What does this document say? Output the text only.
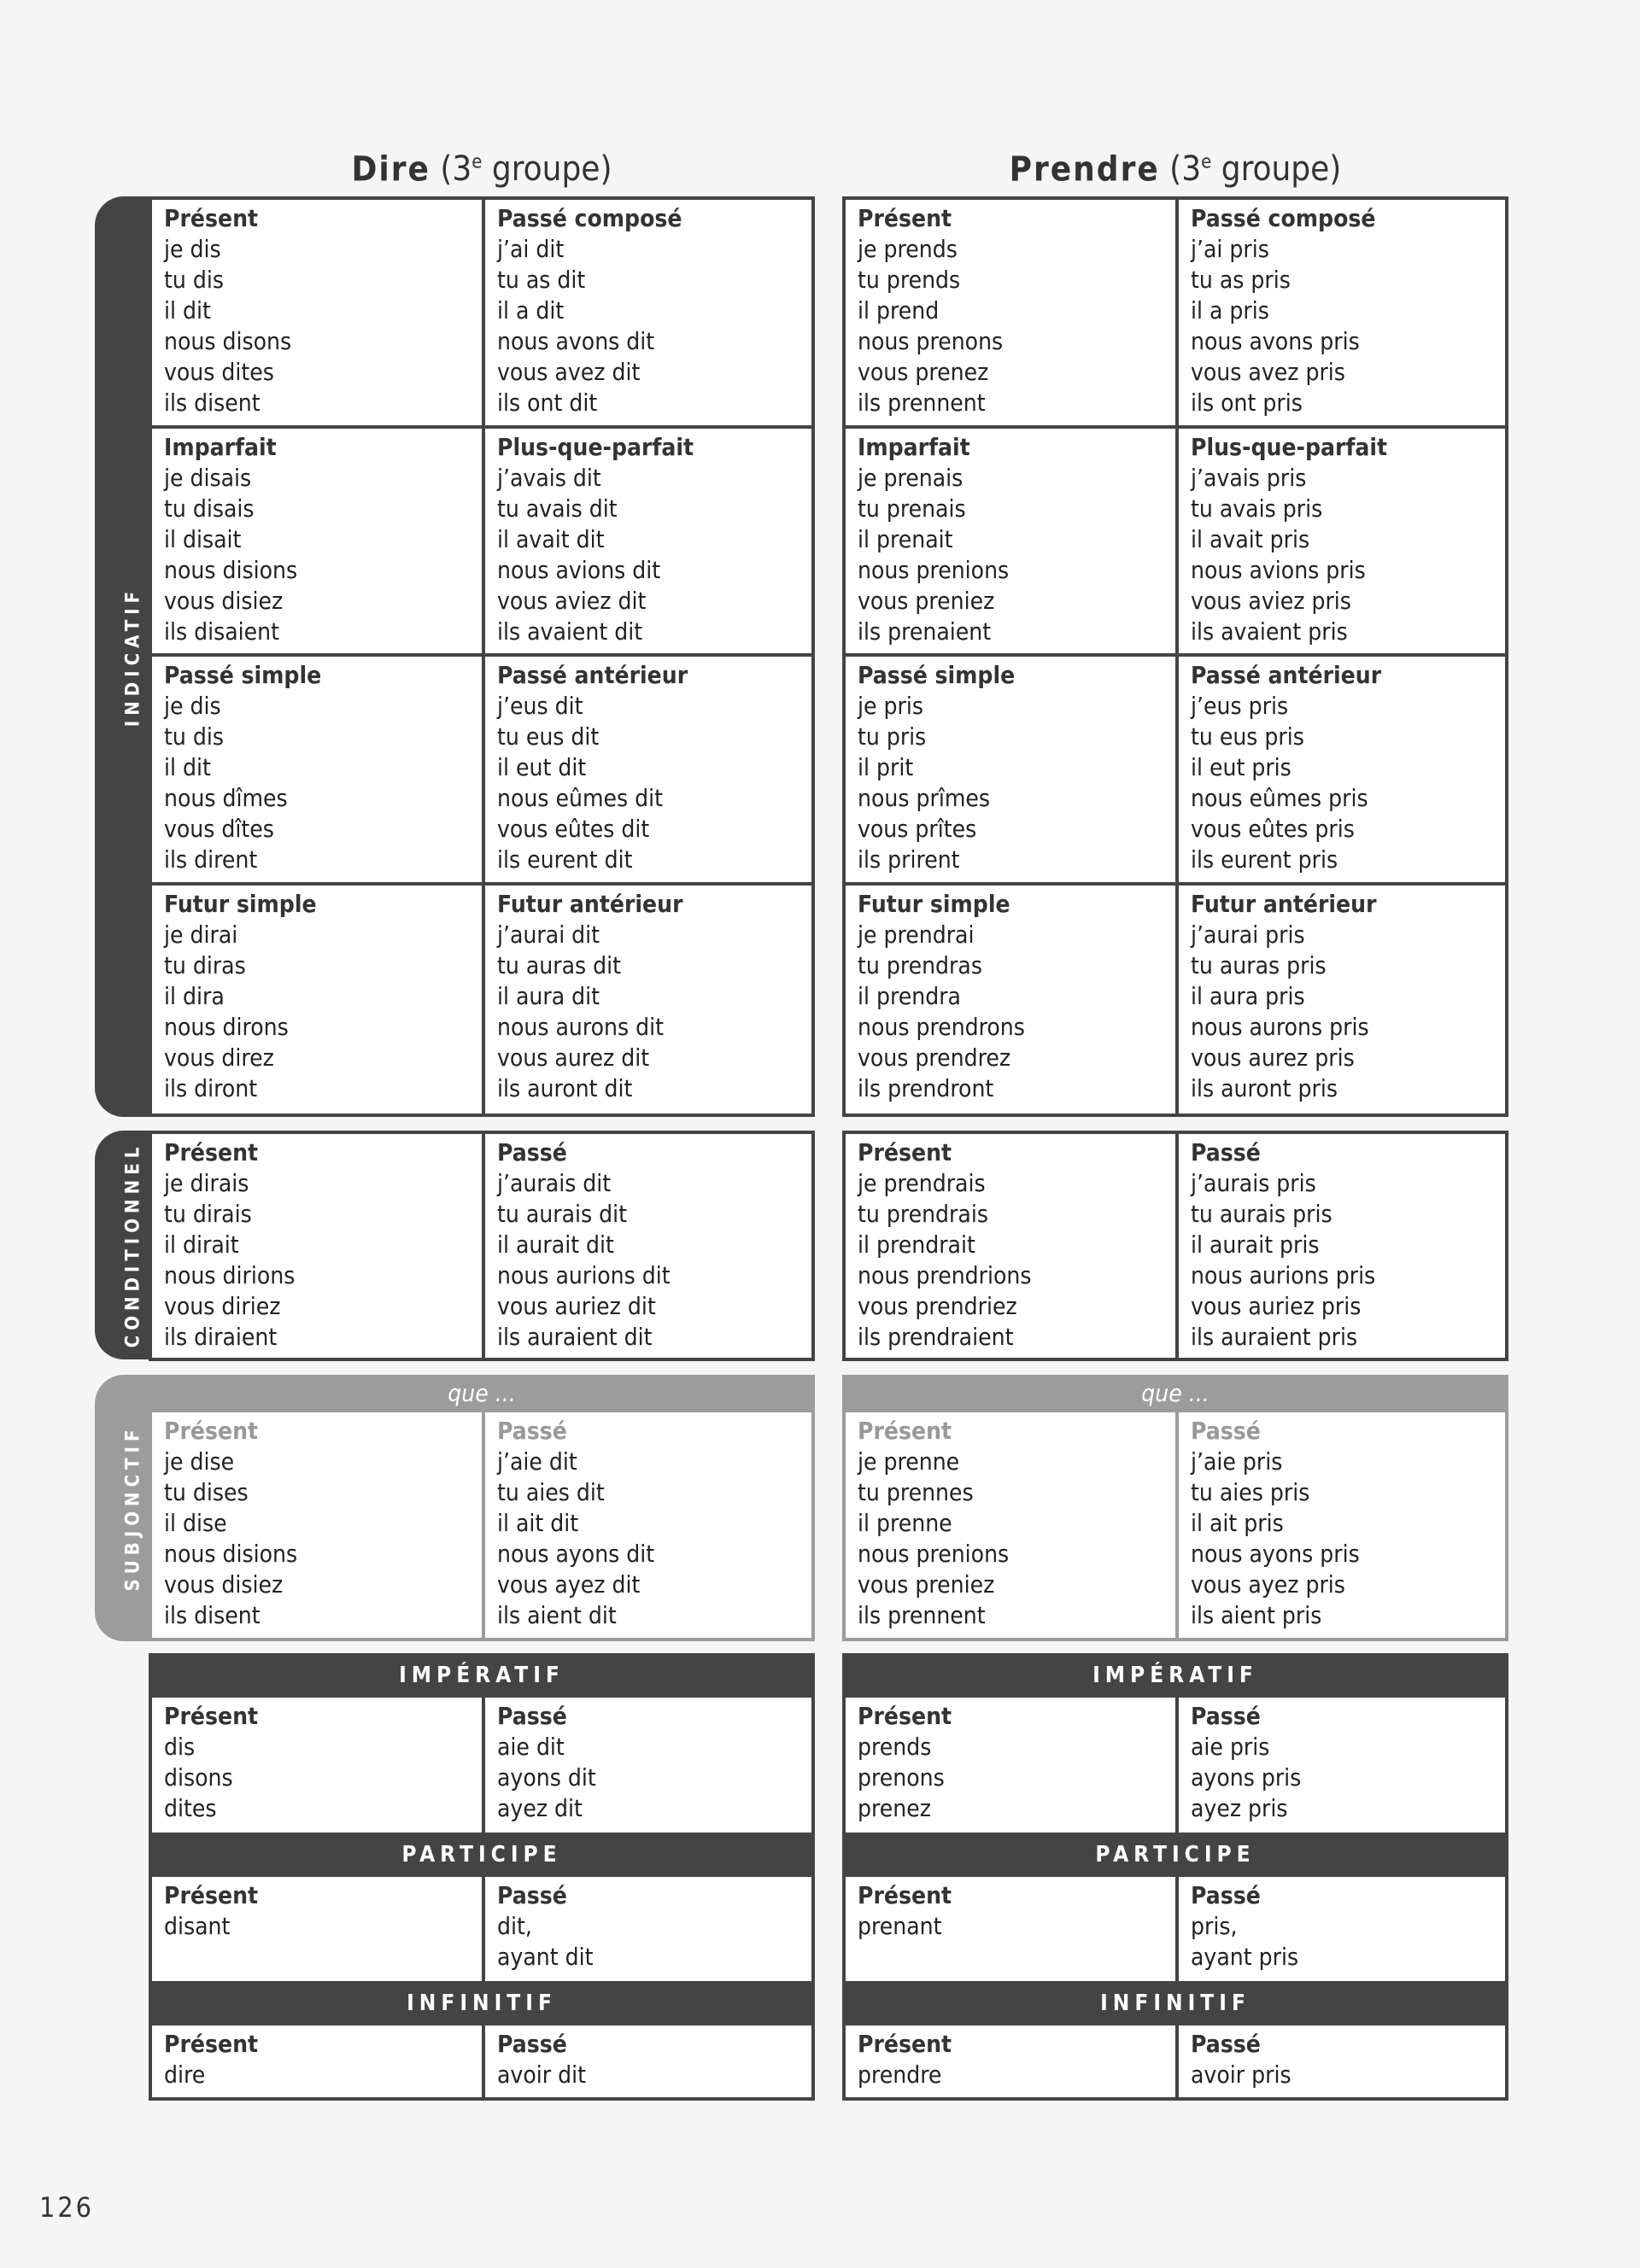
INDICATIF
CONDITIONNEL
SUBJONCTIF
Dire (3e groupe)
Présent
je dis
tu dis
il dit
nous disons
vous dites
ils disent
Passé composé
j’ai dit
tu as dit
il a dit
nous avons dit
vous avez dit
ils ont dit
Imparfait
je disais
tu disais
il disait
nous disions
vous disiez
ils disaient
Plus-que-parfait
j’avais dit
tu avais dit
il avait dit
nous avions dit
vous aviez dit
ils avaient dit
Passé simple
je dis
tu dis
il dit
nous dîmes
vous dîtes
ils dirent
Passé antérieur
j’eus dit
tu eus dit
il eut dit
nous eûmes dit
vous eûtes dit
ils eurent dit
Futur simple
je dirai
tu diras
il dira
nous dirons
vous direz
ils diront
Futur antérieur
j’aurai dit
tu auras dit
il aura dit
nous aurons dit
vous aurez dit
ils auront dit
Présent
je dirais
tu dirais
il dirait
nous dirions
vous diriez
ils diraient
Passé
j’aurais dit
tu aurais dit
il aurait dit
nous aurions dit
vous auriez dit
ils auraient dit
que ...
Présent
je dise
tu dises
il dise
nous disions
vous disiez
ils disent
Passé
j’aie dit
tu aies dit
il ait dit
nous ayons dit
vous ayez dit
ils aient dit
IMPÉRATIF
Présent
dis
disons
dites
Passé
aie dit
ayons dit
ayez dit
PARTICIPE
Présent
disant
Passé
dit,
ayant dit
INFINITIF
Présent
dire
Passé
avoir dit
Prendre (3e groupe)
Présent
je prends
tu prends
il prend
nous prenons
vous prenez
ils prennent
Passé composé
j’ai pris
tu as pris
il a pris
nous avons pris
vous avez pris
ils ont pris
Imparfait
je prenais
tu prenais
il prenait
nous prenions
vous preniez
ils prenaient
Plus-que-parfait
j’avais pris
tu avais pris
il avait pris
nous avions pris
vous aviez pris
ils avaient pris
Passé simple
je pris
tu pris
il prit
nous prîmes
vous prîtes
ils prirent
Passé antérieur
j’eus pris
tu eus pris
il eut pris
nous eûmes pris
vous eûtes pris
ils eurent pris
Futur simple
je prendrai
tu prendras
il prendra
nous prendrons
vous prendrez
ils prendront
Futur antérieur
j’aurai pris
tu auras pris
il aura pris
nous aurons pris
vous aurez pris
ils auront pris
Présent
je prendrais
tu prendrais
il prendrait
nous prendrions
vous prendriez
ils prendraient
Passé
j’aurais pris
tu aurais pris
il aurait pris
nous aurions pris
vous auriez pris
ils auraient pris
que ...
Présent
je prenne
tu prennes
il prenne
nous prenions
vous preniez
ils prennent
Passé
j’aie pris
tu aies pris
il ait pris
nous ayons pris
vous ayez pris
ils aient pris
IMPÉRATIF
Présent
prends
prenons
prenez
Passé
aie pris
ayons pris
ayez pris
PARTICIPE
Présent
prenant
Passé
pris,
ayant pris
INFINITIF
Présent
prendre
Passé
avoir pris
126
